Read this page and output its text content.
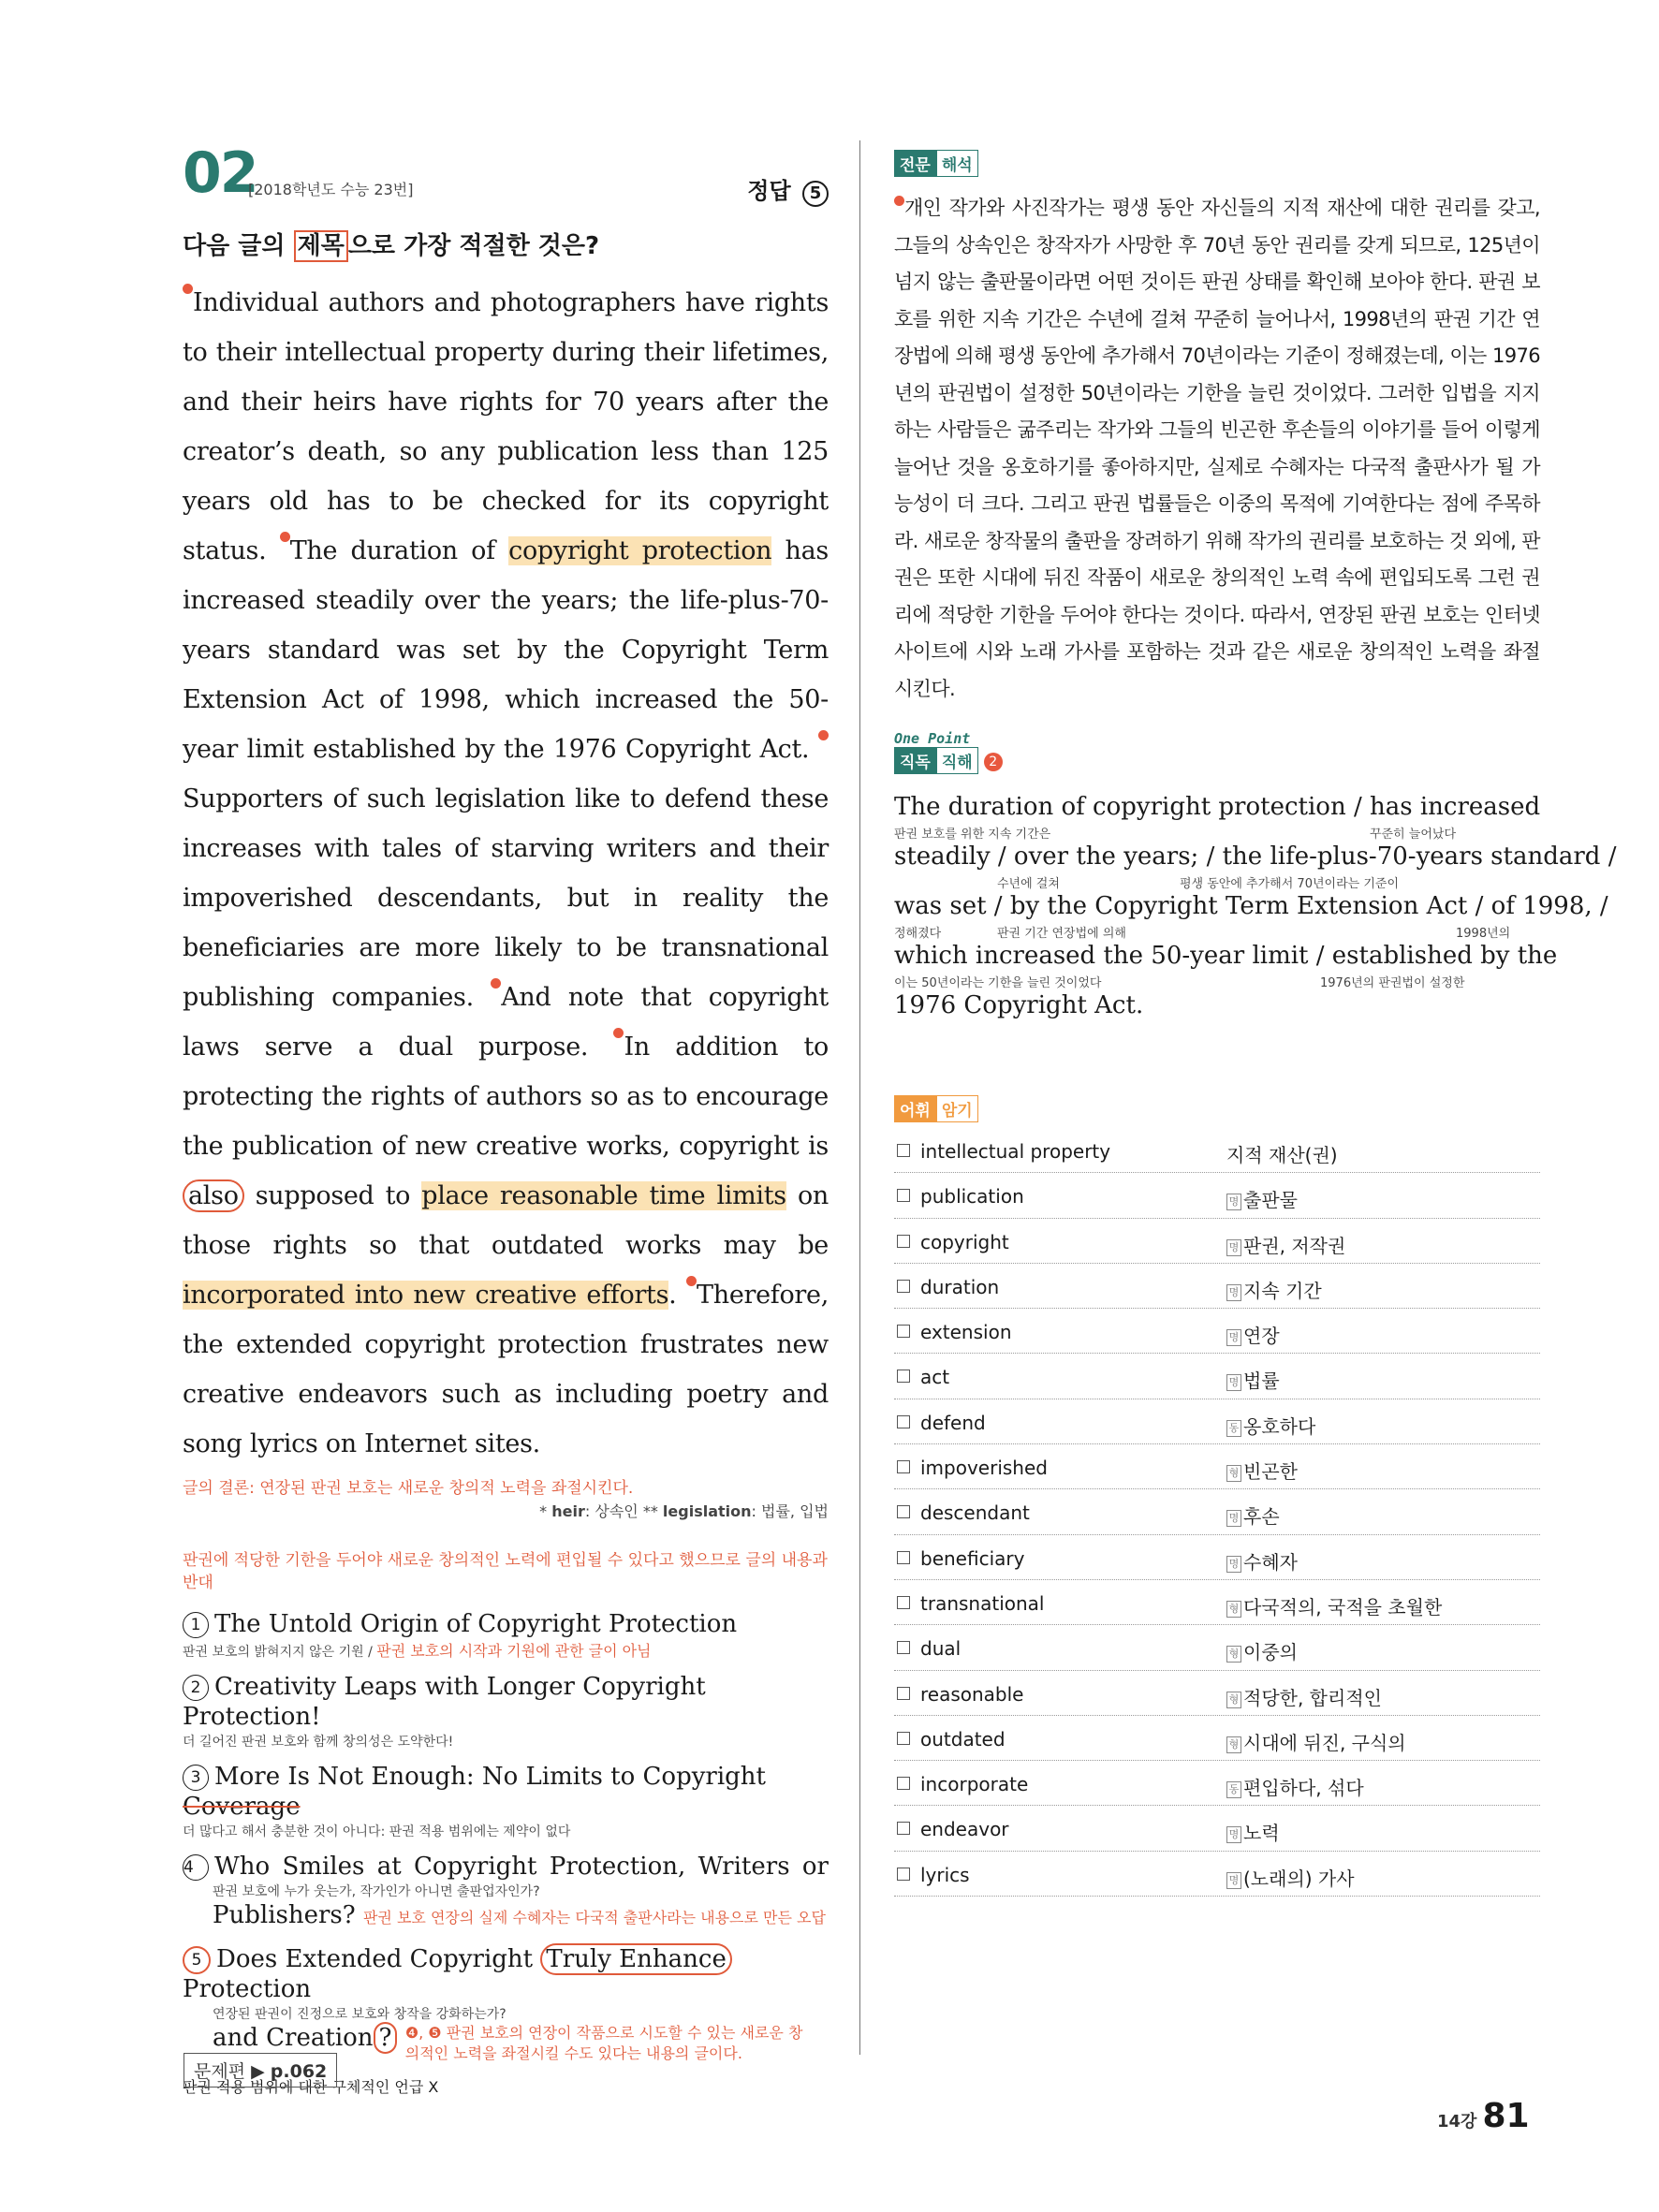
02
[2018학년도 수능 23번]	정답 5
다음 글의 제목 으로 가장 적절한 것은?
Individual authors and photographers have rights to their intellectual property during their lifetimes, and their heirs have rights for 70 years after the creator’s death, so any publication less than 125 years old has to be checked for its copyright status. The duration of copyright protection has increased steadily over the years; the life-plus-70-years standard was set by the Copyright Term Extension Act of 1998, which increased the 50-year limit established by the 1976 Copyright Act. Supporters of such legislation like to defend these increases with tales of starving writers and their impoverished descendants, but in reality the beneficiaries are more likely to be transnational publishing companies. And note that copyright laws serve a dual purpose. In addition to protecting the rights of authors so as to encourage the publication of new creative works, copyright is also supposed to place reasonable time limits on those rights so that outdated works may be incorporated into new creative efforts. Therefore, the extended copyright protection frustrates new creative endeavors such as including poetry and song lyrics on Internet sites.
글의 결론: 연장된 판권 보호는 새로운 창의적 노력을 좌절시킨다.
* heir: 상속인 ** legislation: 법률, 입법
판권에 적당한 기한을 두어야 새로운 창의적인 노력에 편입될 수 있다고 했으므로 글의 내용과 반대
1 The Untold Origin of Copyright Protection
판권 보호의 밝혀지지 않은 기원 / 판권 보호의 시작과 기원에 관한 글이 아님
2 Creativity Leaps with Longer Copyright Protection!
더 길어진 판권 보호와 함께 창의성은 도약한다!
3 More Is Not Enough: No Limits to Copyright Coverage
더 많다고 해서 충분한 것이 아니다: 판권 적용 범위에는 제약이 없다
4 Who Smiles at Copyright Protection, Writers or
판권 보호에 누가 웃는가, 작가인가 아니면 출판업자인가?
Publishers? 판권 보호 연장의 실제 수혜자는 다국적 출판사라는 내용으로 만든 오답
5 Does Extended Copyright Truly Enhance Protection
연장된 판권이 진정으로 보호와 창작을 강화하는가?
and Creation ? ❹, ❺ 판권 보호의 연장이 작품으로 시도할 수 있는 새로운 창의적인 노력을 좌절시킬 수도 있다는 내용의 글이다.
판권 적용 범위에 대한 구체적인 언급 X
문제편 ▶ p.062
전문 해석
개인 작가와 사진작가는 평생 동안 자신들의 지적 재산에 대한 권리를 갖고, 그들의 상속인은 창작자가 사망한 후 70년 동안 권리를 갖게 되므로, 125년이 넘지 않는 출판물이라면 어떤 것이든 판권 상태를 확인해 보아야 한다. 판권 보호를 위한 지속 기간은 수년에 걸쳐 꾸준히 늘어나서, 1998년의 판권 기간 연장법에 의해 평생 동안에 추가해서 70년이라는 기준이 정해졌는데, 이는 1976년의 판권법이 설정한 50년이라는 기한을 늘린 것이었다. 그러한 입법을 지지하는 사람들은 굶주리는 작가와 그들의 빈곤한 후손들의 이야기를 들어 이렇게 늘어난 것을 옹호하기를 좋아하지만, 실제로 수혜자는 다국적 출판사가 될 가능성이 더 크다. 그리고 판권 법률들은 이중의 목적에 기여한다는 점에 주목하라. 새로운 창작물의 출판을 장려하기 위해 작가의 권리를 보호하는 것 외에, 판권은 또한 시대에 뒤진 작품이 새로운 창의적인 노력 속에 편입되도록 그런 권리에 적당한 기한을 두어야 한다는 것이다. 따라서, 연장된 판권 보호는 인터넷 사이트에 시와 노래 가사를 포함하는 것과 같은 새로운 창의적인 노력을 좌절시킨다.
One Point
직독 직해	2
The duration of copyright protection / has increased
판권 보호를 위한 지속 기간은	꾸준히 늘어났다
steadily / over the years; / the life-plus-70-years standard /
수년에 걸쳐	평생 동안에 추가해서 70년이라는 기준이
was set / by the Copyright Term Extension Act / of 1998, /
정해졌다	판권 기간 연장법에 의해	1998년의
which increased the 50-year limit / established by the
이는 50년이라는 기한을 늘린 것이었다	1976년의 판권법이 설정한
1976 Copyright Act.
어휘 암기
intellectual property	지적 재산(권)
publication	명 출판물
copyright	명 판권, 저작권
duration	명 지속 기간
extension	명 연장
act	명 법률
defend	동 옹호하다
impoverished	형 빈곤한
descendant	명 후손
beneficiary	명 수혜자
transnational	형 다국적의, 국적을 초월한
dual	형 이중의
reasonable	형 적당한, 합리적인
outdated	형 시대에 뒤진, 구식의
incorporate	동 편입하다, 섞다
endeavor	명 노력
lyrics	명 (노래의) 가사
14강 81
